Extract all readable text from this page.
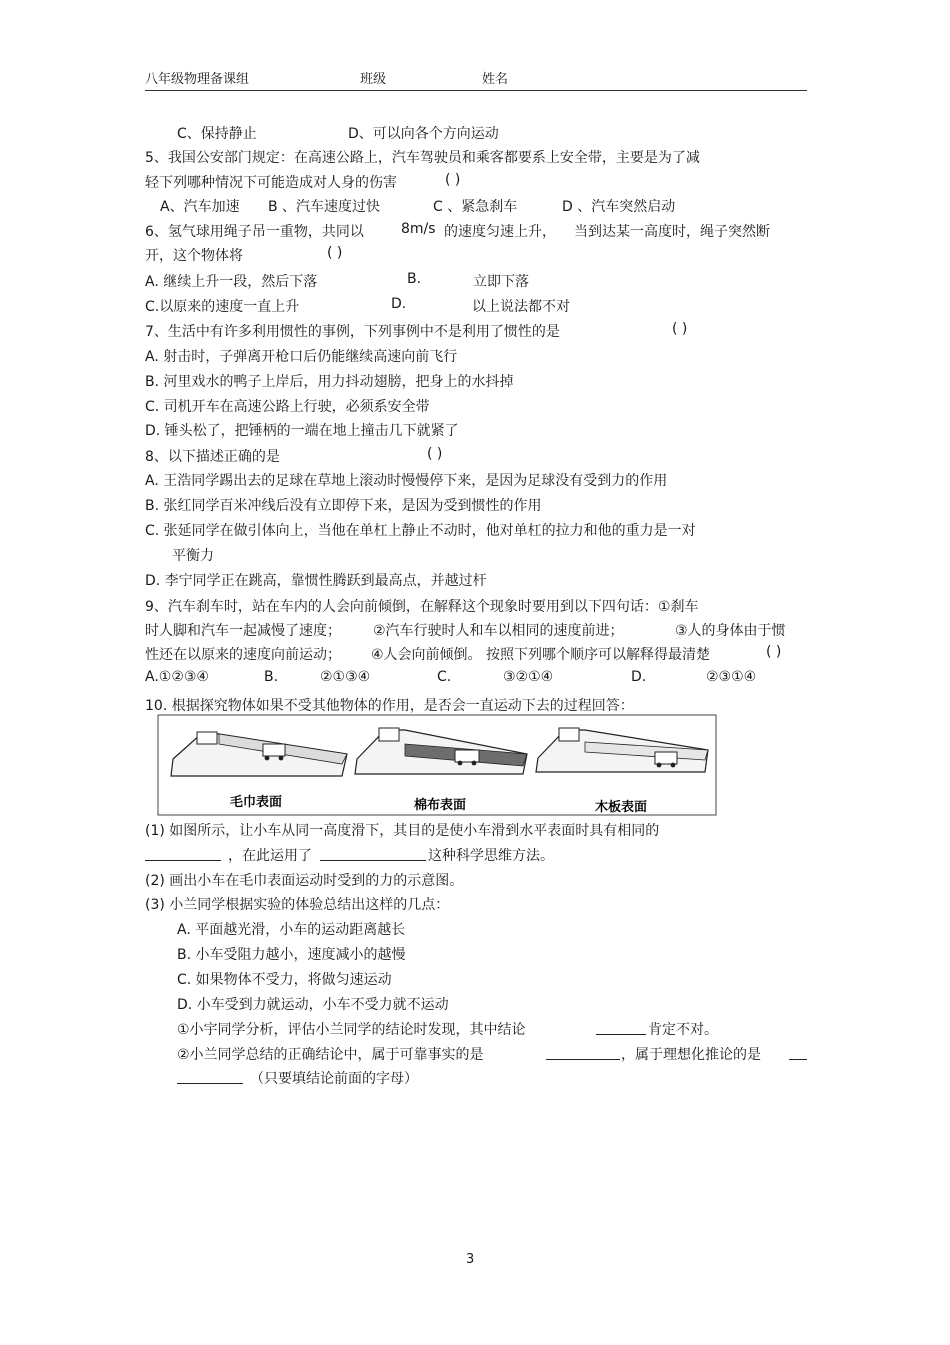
八年级物理备课组	班级	姓名
C、保持静止	D、可以向各个方向运动
5、我国公安部门规定：在高速公路上，汽车驾驶员和乘客都要系上安全带，主要是为了减
轻下列哪种情况下可能造成对人身的伤害	( )
A、汽车加速 B 、汽车速度过快	C 、紧急刹车	D 、汽车突然启动
6、氢气球用绳子吊一重物，共同以	8m/s 的速度匀速上升， 当到达某一高度时，绳子突然断
开，这个物体将	( )
A. 继续上升一段，然后下落	B.	立即下落
C.以原来的速度一直上升	D.	以上说法都不对
7、生活中有许多利用惯性的事例，下列事例中不是利用了惯性的是	( )
A. 射击时，子弹离开枪口后仍能继续高速向前飞行
B. 河里戏水的鸭子上岸后，用力抖动翅膀，把身上的水抖掉
C. 司机开车在高速公路上行驶，必须系安全带
D. 锤头松了，把锤柄的一端在地上撞击几下就紧了
8、以下描述正确的是	( )
A. 王浩同学踢出去的足球在草地上滚动时慢慢停下来，是因为足球没有受到力的作用
B. 张红同学百米冲线后没有立即停下来，是因为受到惯性的作用
C. 张延同学在做引体向上，当他在单杠上静止不动时，他对单杠的拉力和他的重力是一对
平衡力
D. 李宁同学正在跳高，靠惯性腾跃到最高点，并越过杆
9、汽车刹车时，站在车内的人会向前倾倒，在解释这个现象时要用到以下四句话：①刹车
时人脚和汽车一起减慢了速度； ②汽车行驶时人和车以相同的速度前进；	③人的身体由于惯
性还在以原来的速度向前运动； ④人会向前倾倒。 按照下列哪个顺序可以解释得最清楚	( )
A.①②③④	B.	②①③④	C.	③②①④	D.	②③①④
10. 根据探究物体如果不受其他物体的作用，是否会一直运动下去的过程回答：
毛巾表面	棉布表面	木板表面
(1) 如图所示，让小车从同一高度滑下，其目的是使小车滑到水平表面时具有相同的
，在此运用了	这种科学思维方法。
(2) 画出小车在毛巾表面运动时受到的力的示意图。
(3) 小兰同学根据实验的体验总结出这样的几点：
A. 平面越光滑，小车的运动距离越长
B. 小车受阻力越小，速度减小的越慢
C. 如果物体不受力，将做匀速运动
D. 小车受到力就运动，小车不受力就不运动
①小宇同学分析，评估小兰同学的结论时发现，其中结论	肯定不对。
②小兰同学总结的正确结论中，属于可靠事实的是	，属于理想化推论的是
（只要填结论前面的字母）
3
